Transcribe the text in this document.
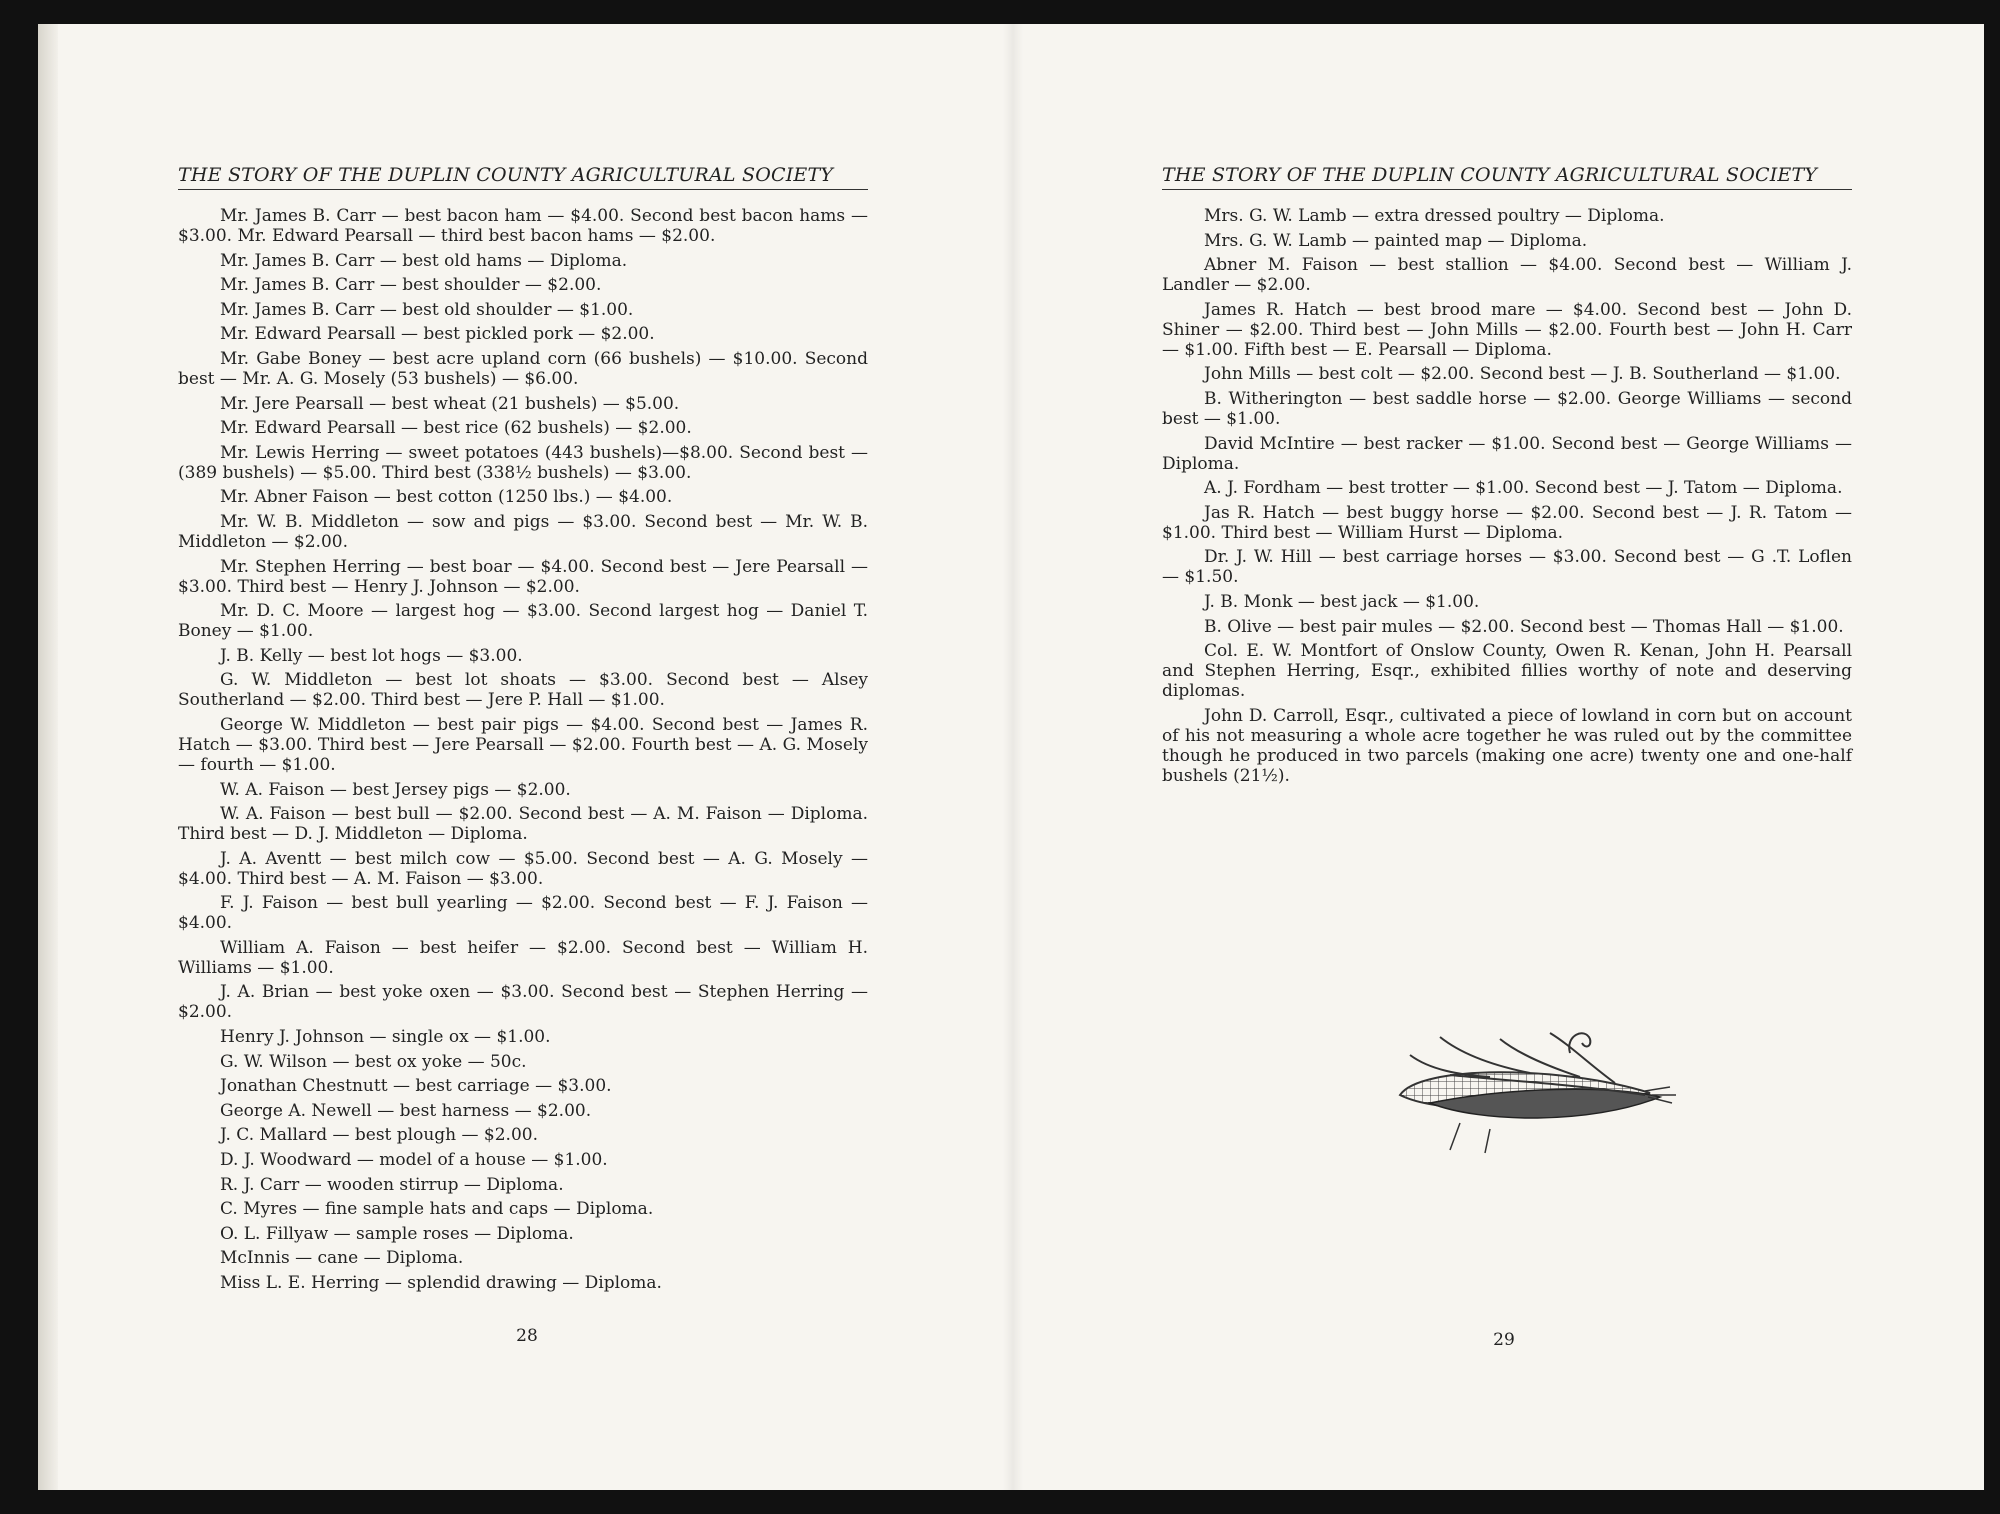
THE STORY OF THE DUPLIN COUNTY AGRICULTURAL SOCIETY

Mr. James B. Carr — best bacon ham — $4.00. Second best bacon hams — $3.00. Mr. Edward Pearsall — third best bacon hams — $2.00.

Mr. James B. Carr — best old hams — Diploma.

Mr. James B. Carr — best shoulder — $2.00.

Mr. James B. Carr — best old shoulder — $1.00.

Mr. Edward Pearsall — best pickled pork — $2.00.

Mr. Gabe Boney — best acre upland corn (66 bushels) — $10.00. Second best — Mr. A. G. Mosely (53 bushels) — $6.00.

Mr. Jere Pearsall — best wheat (21 bushels) — $5.00.

Mr. Edward Pearsall — best rice (62 bushels) — $2.00.

Mr. Lewis Herring — sweet potatoes (443 bushels)—$8.00. Second best — (389 bushels) — $5.00. Third best (338½ bushels) — $3.00.

Mr. Abner Faison — best cotton (1250 lbs.) — $4.00.

Mr. W. B. Middleton — sow and pigs — $3.00. Second best — Mr. W. B. Middleton — $2.00.

Mr. Stephen Herring — best boar — $4.00. Second best — Jere Pearsall — $3.00. Third best — Henry J. Johnson — $2.00.

Mr. D. C. Moore — largest hog — $3.00. Second largest hog — Daniel T. Boney — $1.00.

J. B. Kelly — best lot hogs — $3.00.

G. W. Middleton — best lot shoats — $3.00. Second best — Alsey Southerland — $2.00. Third best — Jere P. Hall — $1.00.

George W. Middleton — best pair pigs — $4.00. Second best — James R. Hatch — $3.00. Third best — Jere Pearsall — $2.00. Fourth best — A. G. Mosely — fourth — $1.00.

W. A. Faison — best Jersey pigs — $2.00.

W. A. Faison — best bull — $2.00. Second best — A. M. Faison — Diploma. Third best — D. J. Middleton — Diploma.

J. A. Aventt — best milch cow — $5.00. Second best — A. G. Mosely — $4.00. Third best — A. M. Faison — $3.00.

F. J. Faison — best bull yearling — $2.00. Second best — F. J. Faison — $4.00.

William A. Faison — best heifer — $2.00. Second best — William H. Williams — $1.00.

J. A. Brian — best yoke oxen — $3.00. Second best — Stephen Herring — $2.00.

Henry J. Johnson — single ox — $1.00.

G. W. Wilson — best ox yoke — 50c.

Jonathan Chestnutt — best carriage — $3.00.

George A. Newell — best harness — $2.00.

J. C. Mallard — best plough — $2.00.

D. J. Woodward — model of a house — $1.00.

R. J. Carr — wooden stirrup — Diploma.

C. Myres — fine sample hats and caps — Diploma.

O. L. Fillyaw — sample roses — Diploma.

McInnis — cane — Diploma.

Miss L. E. Herring — splendid drawing — Diploma.

28
THE STORY OF THE DUPLIN COUNTY AGRICULTURAL SOCIETY

Mrs. G. W. Lamb — extra dressed poultry — Diploma.

Mrs. G. W. Lamb — painted map — Diploma.

Abner M. Faison — best stallion — $4.00. Second best — William J. Landler — $2.00.

James R. Hatch — best brood mare — $4.00. Second best — John D. Shiner — $2.00. Third best — John Mills — $2.00. Fourth best — John H. Carr — $1.00. Fifth best — E. Pearsall — Diploma.

John Mills — best colt — $2.00. Second best — J. B. Southerland — $1.00.

B. Witherington — best saddle horse — $2.00. George Williams — second best — $1.00.

David McIntire — best racker — $1.00. Second best — George Williams — Diploma.

A. J. Fordham — best trotter — $1.00. Second best — J. Tatom — Diploma.

Jas R. Hatch — best buggy horse — $2.00. Second best — J. R. Tatom — $1.00. Third best — William Hurst — Diploma.

Dr. J. W. Hill — best carriage horses — $3.00. Second best — G .T. Loflen — $1.50.

J. B. Monk — best jack — $1.00.

B. Olive — best pair mules — $2.00. Second best — Thomas Hall — $1.00.

Col. E. W. Montfort of Onslow County, Owen R. Kenan, John H. Pearsall and Stephen Herring, Esqr., exhibited fillies worthy of note and deserving diplomas.

John D. Carroll, Esqr., cultivated a piece of lowland in corn but on account of his not measuring a whole acre together he was ruled out by the committee though he produced in two parcels (making one acre) twenty one and one-half bushels (21½).

29
